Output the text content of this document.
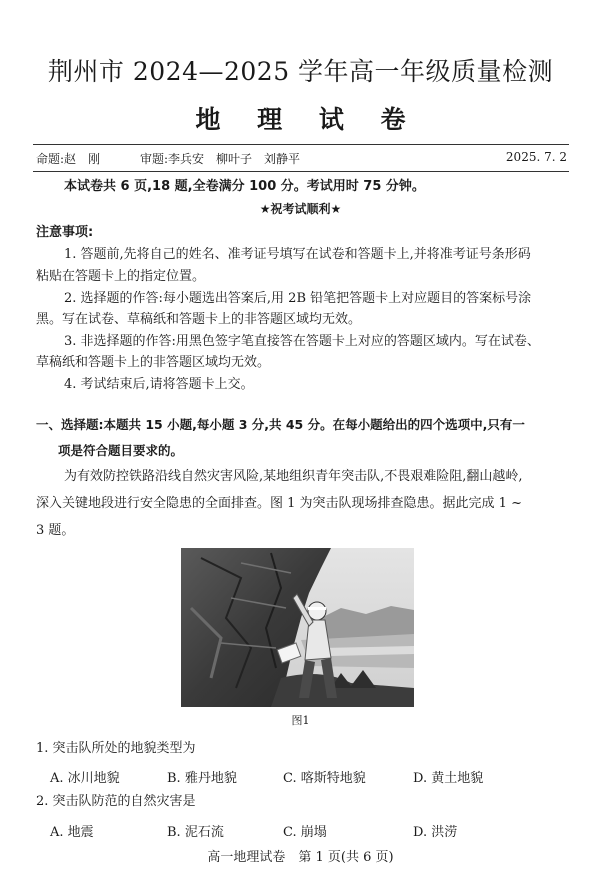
荆州市 2024—2025 学年高一年级质量检测
地 理 试 卷
命题:赵　刚	审题:李兵安　柳叶子　刘静平	2025. 7. 2
本试卷共 6 页,18 题,全卷满分 100 分。考试用时 75 分钟。
★祝考试顺利★
注意事项:
1. 答题前,先将自己的姓名、准考证号填写在试卷和答题卡上,并将准考证号条形码
粘贴在答题卡上的指定位置。
2. 选择题的作答:每小题选出答案后,用 2B 铅笔把答题卡上对应题目的答案标号涂
黑。写在试卷、草稿纸和答题卡上的非答题区域均无效。
3. 非选择题的作答:用黑色签字笔直接答在答题卡上对应的答题区域内。写在试卷、
草稿纸和答题卡上的非答题区域均无效。
4. 考试结束后,请将答题卡上交。
一、选择题:本题共 15 小题,每小题 3 分,共 45 分。在每小题给出的四个选项中,只有一
项是符合题目要求的。
为有效防控铁路沿线自然灾害风险,某地组织青年突击队,不畏艰难险阻,翻山越岭,
深入关键地段进行安全隐患的全面排查。图 1 为突击队现场排查隐患。据此完成 1 ~
3 题。
图1
1. 突击队所处的地貌类型为
A. 冰川地貌	B. 雅丹地貌	C. 喀斯特地貌	D. 黄土地貌
2. 突击队防范的自然灾害是
A. 地震	B. 泥石流	C. 崩塌	D. 洪涝
高一地理试卷　第 1 页(共 6 页)
